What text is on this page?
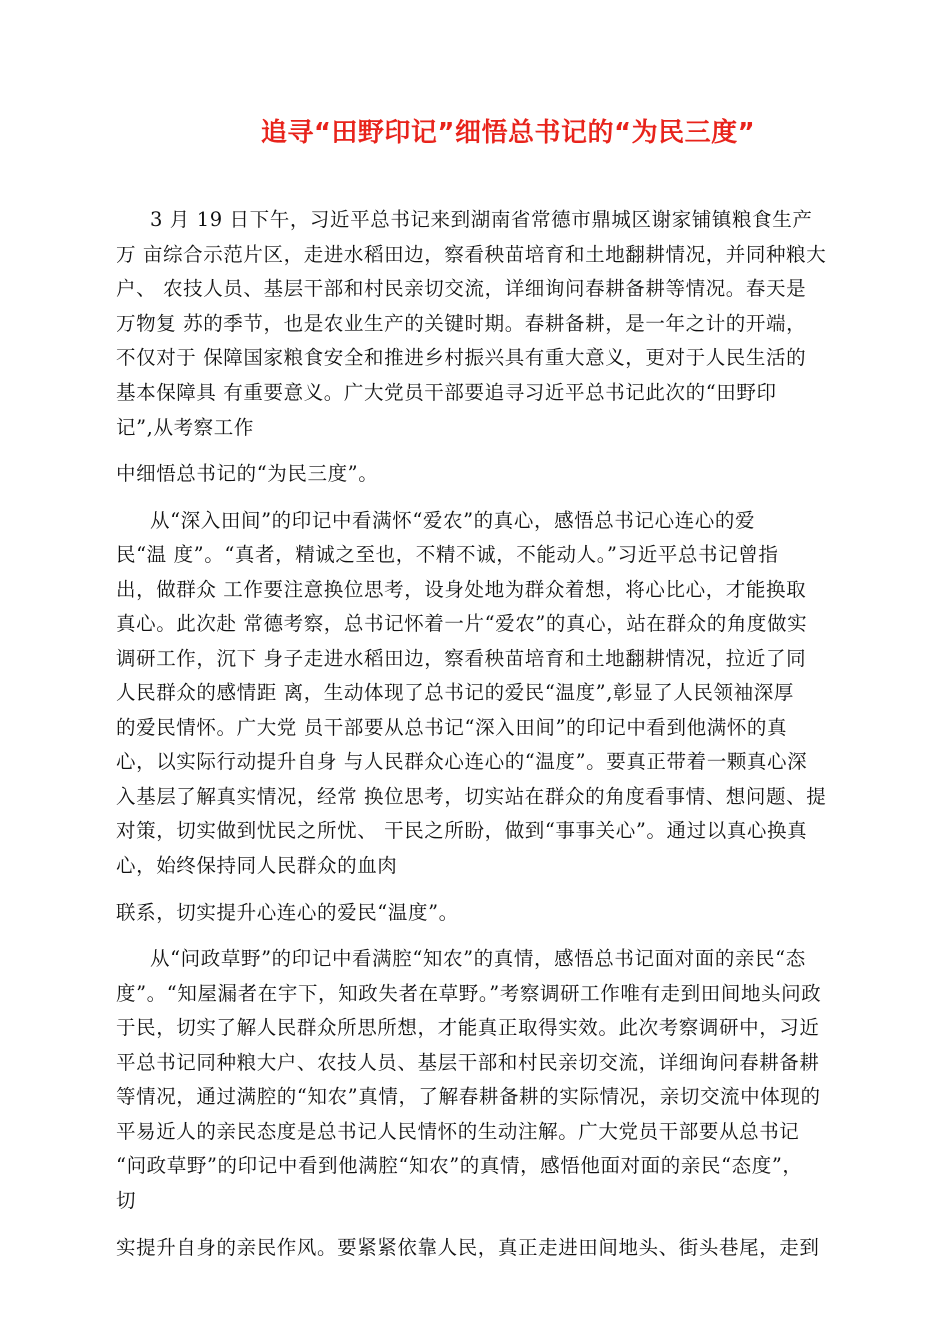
追寻“田野印记”细悟总书记的“为民三度”
3 月 19 日下午，习近平总书记来到湖南省常德市鼎城区谢家铺镇粮食生产
万 亩综合示范片区，走进水稻田边，察看秧苗培育和土地翻耕情况，并同种粮大
户、 农技人员、基层干部和村民亲切交流，详细询问春耕备耕等情况。春天是
万物复 苏的季节，也是农业生产的关键时期。春耕备耕，是一年之计的开端，
不仅对于 保障国家粮食安全和推进乡村振兴具有重大意义，更对于人民生活的
基本保障具 有重要意义。广大党员干部要追寻习近平总书记此次的“田野印
记”,从考察工作
中细悟总书记的“为民三度”。
从“深入田间”的印记中看满怀“爱农”的真心，感悟总书记心连心的爱
民“温 度”。“真者，精诚之至也，不精不诚，不能动人。”习近平总书记曾指
出，做群众 工作要注意换位思考，设身处地为群众着想，将心比心，才能换取
真心。此次赴 常德考察，总书记怀着一片“爱农”的真心，站在群众的角度做实
调研工作，沉下 身子走进水稻田边，察看秧苗培育和土地翻耕情况，拉近了同
人民群众的感情距 离，生动体现了总书记的爱民“温度”,彰显了人民领袖深厚
的爱民情怀。广大党 员干部要从总书记“深入田间”的印记中看到他满怀的真
心，以实际行动提升自身 与人民群众心连心的“温度”。要真正带着一颗真心深
入基层了解真实情况，经常 换位思考，切实站在群众的角度看事情、想问题、提
对策，切实做到忧民之所忧、 干民之所盼，做到“事事关心”。通过以真心换真
心，始终保持同人民群众的血肉
联系，切实提升心连心的爱民“温度”。
从“问政草野”的印记中看满腔“知农”的真情，感悟总书记面对面的亲民“态
度”。“知屋漏者在宇下，知政失者在草野。”考察调研工作唯有走到田间地头问政
于民，切实了解人民群众所思所想，才能真正取得实效。此次考察调研中，习近
平总书记同种粮大户、农技人员、基层干部和村民亲切交流，详细询问春耕备耕
等情况，通过满腔的“知农”真情，了解春耕备耕的实际情况，亲切交流中体现的
平易近人的亲民态度是总书记人民情怀的生动注解。广大党员干部要从总书记
“问政草野”的印记中看到他满腔“知农”的真情，感悟他面对面的亲民“态度”，
切
实提升自身的亲民作风。要紧紧依靠人民，真正走进田间地头、街头巷尾，走到
